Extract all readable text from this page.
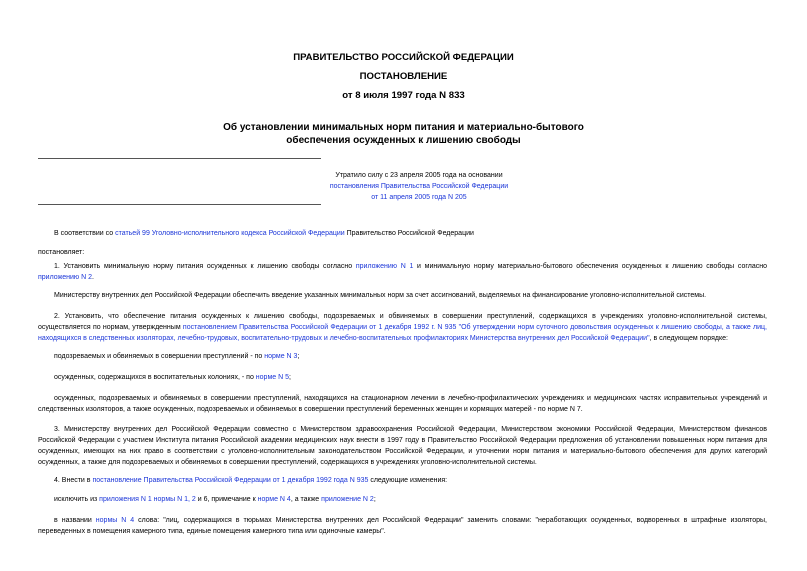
ПРАВИТЕЛЬСТВО РОССИЙСКОЙ ФЕДЕРАЦИИ
ПОСТАНОВЛЕНИЕ
от 8 июля 1997 года N 833
Об установлении минимальных норм питания и материально-бытового
обеспечения осужденных к лишению свободы
Утратило силу с 23 апреля 2005 года на основании
постановления Правительства Российской Федерации
от 11 апреля 2005 года N 205

В соответствии со статьей 99 Уголовно-исполнительного кодекса Российской Федерации Правительство Российской Федерации

постановляет:

1. Установить минимальную норму питания осужденных к лишению свободы согласно приложению N 1 и минимальную норму материально-бытового обеспечения осужденных к лишению свободы согласно приложению N 2.

Министерству внутренних дел Российской Федерации обеспечить введение указанных минимальных норм за счет ассигнований, выделяемых на финансирование уголовно-исполнительной системы.

2. Установить, что обеспечение питания осужденных к лишению свободы, подозреваемых и обвиняемых в совершении преступлений, содержащихся в учреждениях уголовно-исполнительной системы, осуществляется по нормам, утвержденным постановлением Правительства Российской Федерации от 1 декабря 1992 г. N 935 "Об утверждении норм суточного довольствия осужденных к лишению свободы, а также лиц, находящихся в следственных изоляторах, лечебно-трудовых, воспитательно-трудовых и лечебно-воспитательных профилакториях Министерства внутренних дел Российской Федерации", в следующем порядке:

подозреваемых и обвиняемых в совершении преступлений - по норме N 3;

осужденных, содержащихся в воспитательных колониях, - по норме N 5;

осужденных, подозреваемых и обвиняемых в совершении преступлений, находящихся на стационарном лечении в лечебно-профилактических учреждениях и медицинских частях исправительных учреждений и следственных изоляторов, а также осужденных, подозреваемых и обвиняемых в совершении преступлений беременных женщин и кормящих матерей - по норме N 7.

3. Министерству внутренних дел Российской Федерации совместно с Министерством здравоохранения Российской Федерации, Министерством экономики Российской Федерации, Министерством финансов Российской Федерации с участием Института питания Российской академии медицинских наук внести в 1997 году в Правительство Российской Федерации предложения об установлении повышенных норм питания для осужденных, имеющих на них право в соответствии с уголовно-исполнительным законодательством Российской Федерации, и уточнении норм питания и материально-бытового обеспечения для других категорий осужденных, а также для подозреваемых и обвиняемых в совершении преступлений, содержащихся в учреждениях уголовно-исполнительной системы.

4. Внести в постановление Правительства Российской Федерации от 1 декабря 1992 года N 935 следующие изменения:

исключить из приложения N 1 нормы N 1, 2 и 6, примечание к норме N 4, а также приложение N 2;

в названии нормы N 4 слова: "лиц, содержащихся в тюрьмах Министерства внутренних дел Российской Федерации" заменить словами: "неработающих осужденных, водворенных в штрафные изоляторы, переведенных в помещения камерного типа, единые помещения камерного типа или одиночные камеры".
